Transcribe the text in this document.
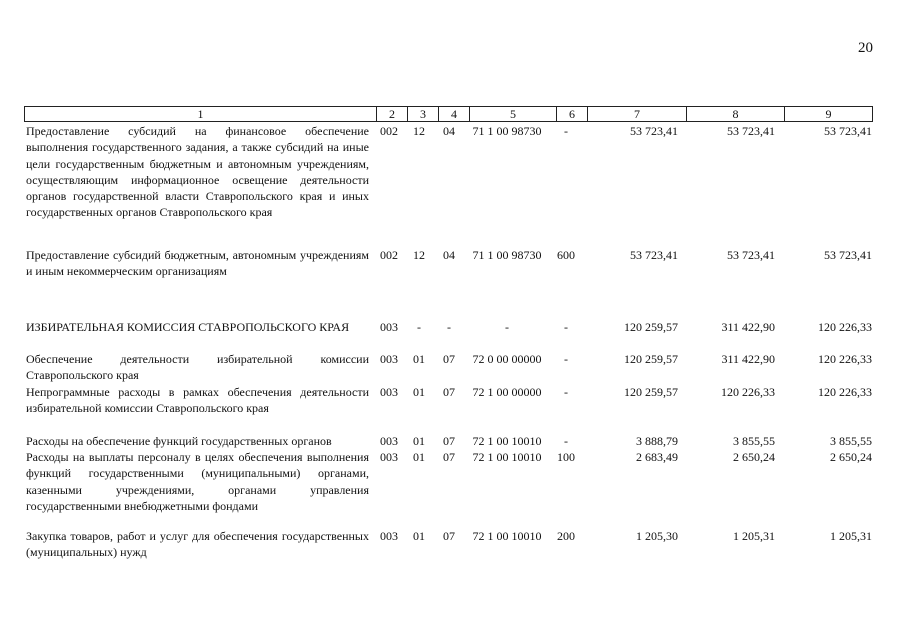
20
1	2	3	4	5	6	7	8	9
Предоставление субсидий на финансовое обеспечение выполнения государственного задания, а также субсидий на иные цели государственным бюджетным и автономным учреждениям, осуществляющим информационное освещение деятельности органов государственной власти Ставропольского края и иных государственных органов Ставропольского края
002	12	04	71 1 00 98730	-	53 723,41	53 723,41	53 723,41
Предоставление субсидий бюджетным, автономным учреждениям и иным некоммерческим организациям
002	12	04	71 1 00 98730	600	53 723,41	53 723,41	53 723,41
ИЗБИРАТЕЛЬНАЯ КОМИССИЯ СТАВРОПОЛЬСКОГО КРАЯ	003	-	-	-	-	120 259,57	311 422,90	120 226,33
Обеспечение деятельности избирательной комиссии Ставропольского края
003	01	07	72 0 00 00000	-	120 259,57	311 422,90	120 226,33
Непрограммные расходы в рамках обеспечения деятельности избирательной комиссии Ставропольского края
003	01	07	72 1 00 00000	-	120 259,57	120 226,33	120 226,33
Расходы на обеспечение функций государственных органов	003	01	07	72 1 00 10010	-	3 888,79	3 855,55	3 855,55
Расходы на выплаты персоналу в целях обеспечения выполнения функций государственными (муниципальными) органами, казенными учреждениями, органами управления государственными внебюджетными фондами
003	01	07	72 1 00 10010	100	2 683,49	2 650,24	2 650,24
Закупка товаров, работ и услуг для обеспечения государственных (муниципальных) нужд
003	01	07	72 1 00 10010	200	1 205,30	1 205,31	1 205,31
